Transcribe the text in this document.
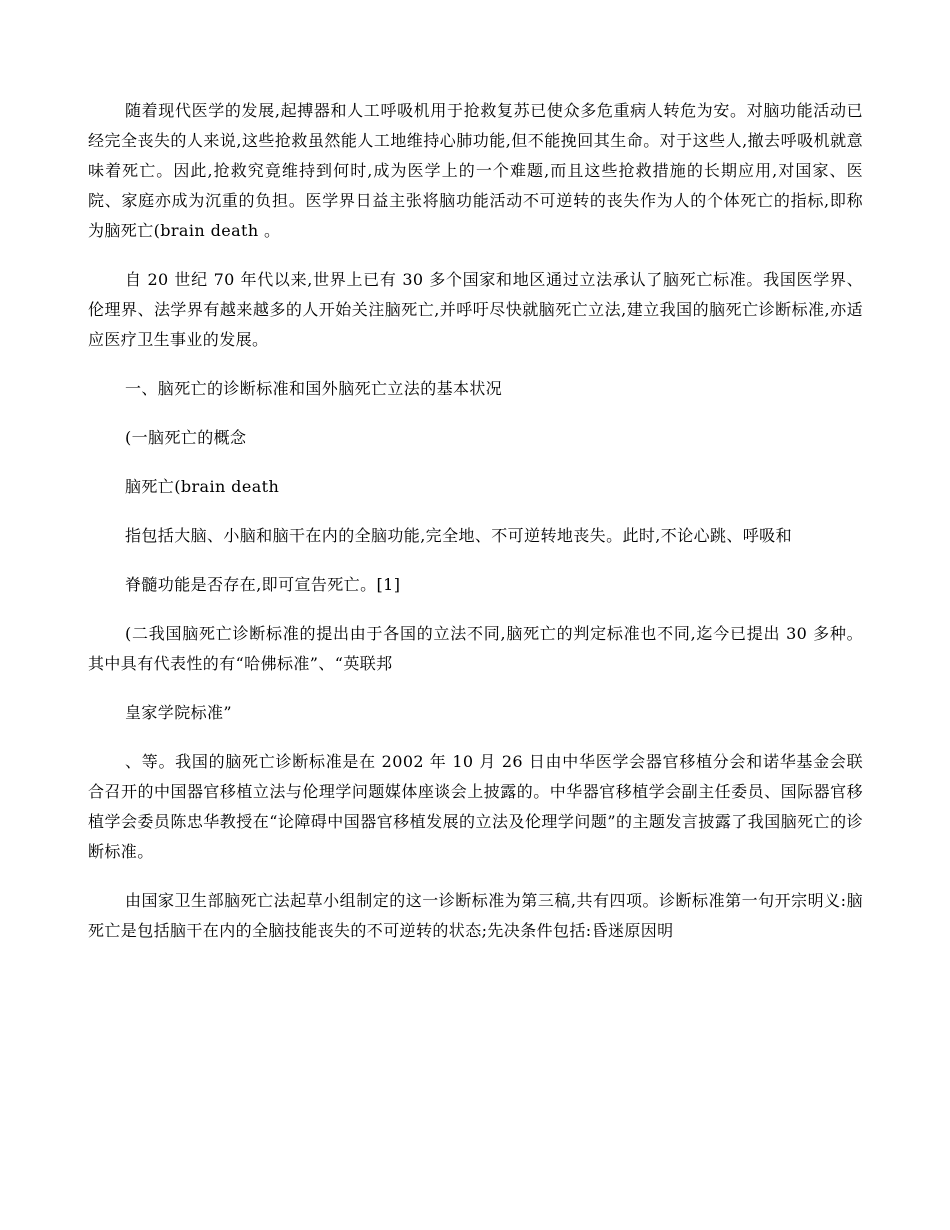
随着现代医学的发展,起搏器和人工呼吸机用于抢救复苏已使众多危重病人转危为安。对脑功能活动已经完全丧失的人来说,这些抢救虽然能人工地维持心肺功能,但不能挽回其生命。对于这些人,撤去呼吸机就意味着死亡。因此,抢救究竟维持到何时,成为医学上的一个难题,而且这些抢救措施的长期应用,对国家、医院、家庭亦成为沉重的负担。医学界日益主张将脑功能活动不可逆转的丧失作为人的个体死亡的指标,即称为脑死亡(brain death 。

自 20 世纪 70 年代以来,世界上已有 30 多个国家和地区通过立法承认了脑死亡标准。我国医学界、伦理界、法学界有越来越多的人开始关注脑死亡,并呼吁尽快就脑死亡立法,建立我国的脑死亡诊断标准,亦适应医疗卫生事业的发展。

一、脑死亡的诊断标准和国外脑死亡立法的基本状况

(一脑死亡的概念

脑死亡(brain death

指包括大脑、小脑和脑干在内的全脑功能,完全地、不可逆转地丧失。此时,不论心跳、呼吸和

脊髓功能是否存在,即可宣告死亡。[1]

(二我国脑死亡诊断标准的提出由于各国的立法不同,脑死亡的判定标准也不同,迄今已提出 30 多种。其中具有代表性的有“哈佛标准”、“英联邦

皇家学院标准”

、等。我国的脑死亡诊断标准是在 2002 年 10 月 26 日由中华医学会器官移植分会和诺华基金会联合召开的中国器官移植立法与伦理学问题媒体座谈会上披露的。中华器官移植学会副主任委员、国际器官移植学会委员陈忠华教授在“论障碍中国器官移植发展的立法及伦理学问题”的主题发言披露了我国脑死亡的诊断标准。

由国家卫生部脑死亡法起草小组制定的这一诊断标准为第三稿,共有四项。诊断标准第一句开宗明义:脑死亡是包括脑干在内的全脑技能丧失的不可逆转的状态;先决条件包括:昏迷原因明
